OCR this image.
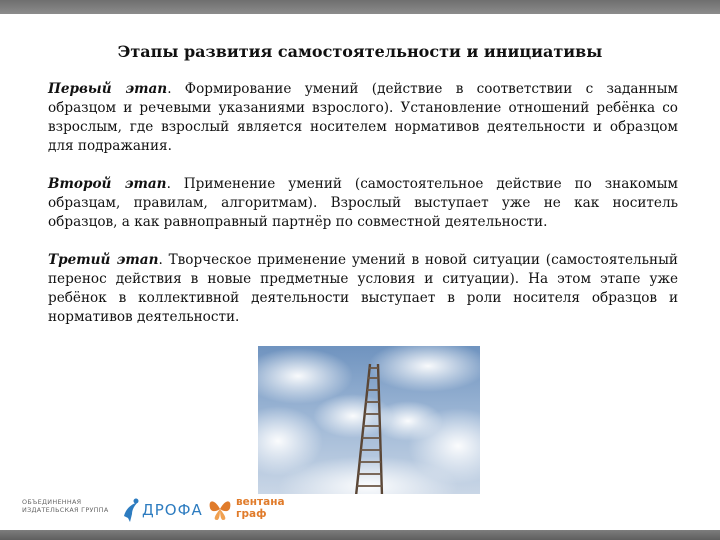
Этапы развития самостоятельности и инициативы

Первый этап. Формирование умений (действие в соответствии с заданным образцом и речевыми указаниями взрослого). Установление отношений ребёнка со взрослым, где взрослый является носителем нормативов деятельности и образцом для подражания.

Второй этап. Применение умений (самостоятельное действие по знакомым образцам, правилам, алгоритмам). Взрослый выступает уже не как носитель образцов, а как равноправный партнёр по совместной деятельности.

Третий этап. Творческое применение умений в новой ситуации (самостоятельный перенос действия в новые предметные условия и ситуации). На этом этапе уже ребёнок в коллективной деятельности выступает в роли носителя образцов и нормативов деятельности.

ОБЪЕДИНЕННАЯ
ИЗДАТЕЛЬСКАЯ ГРУППА ДРОФА	вентана
граф
